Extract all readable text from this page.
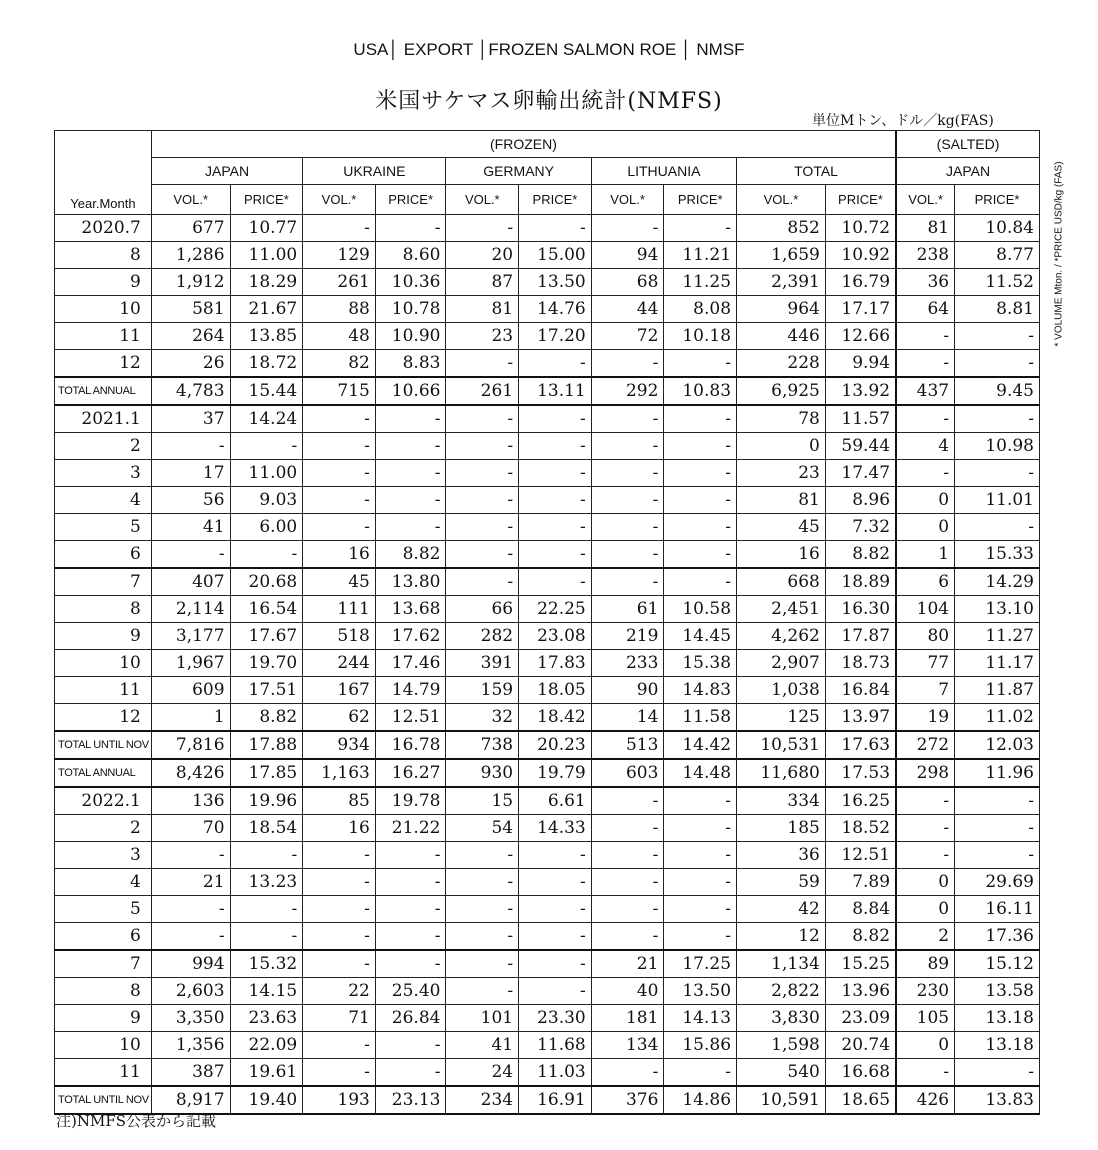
USA│ EXPORT │FROZEN SALMON ROE │ NMSF
米国サケマス卵輸出統計(NMFS)
単位Mトン、ドル／kg(FAS)
* VOLUME Mton. / *PRICE USD/kg (FAS)
	(FROZEN)										(SALTED)	
	JAPAN		UKRAINE		GERMANY		LITHUANIA		TOTAL		JAPAN	
Year.Month	VOL.*	PRICE*	VOL.*	PRICE*	VOL.*	PRICE*	VOL.*	PRICE*	VOL.*	PRICE*	VOL.*	PRICE*
2020.7	677	10.77	-	-	-	-	-	-	852	10.72	81	10.84
8	1,286	11.00	129	8.60	20	15.00	94	11.21	1,659	10.92	238	8.77
9	1,912	18.29	261	10.36	87	13.50	68	11.25	2,391	16.79	36	11.52
10	581	21.67	88	10.78	81	14.76	44	8.08	964	17.17	64	8.81
11	264	13.85	48	10.90	23	17.20	72	10.18	446	12.66	-	-
12	26	18.72	82	8.83	-	-	-	-	228	9.94	-	-
TOTAL ANNUAL	4,783	15.44	715	10.66	261	13.11	292	10.83	6,925	13.92	437	9.45
2021.1	37	14.24	-	-	-	-	-	-	78	11.57	-	-
2	-	-	-	-	-	-	-	-	0	59.44	4	10.98
3	17	11.00	-	-	-	-	-	-	23	17.47	-	-
4	56	9.03	-	-	-	-	-	-	81	8.96	0	11.01
5	41	6.00	-	-	-	-	-	-	45	7.32	0	-
6	-	-	16	8.82	-	-	-	-	16	8.82	1	15.33
7	407	20.68	45	13.80	-	-	-	-	668	18.89	6	14.29
8	2,114	16.54	111	13.68	66	22.25	61	10.58	2,451	16.30	104	13.10
9	3,177	17.67	518	17.62	282	23.08	219	14.45	4,262	17.87	80	11.27
10	1,967	19.70	244	17.46	391	17.83	233	15.38	2,907	18.73	77	11.17
11	609	17.51	167	14.79	159	18.05	90	14.83	1,038	16.84	7	11.87
12	1	8.82	62	12.51	32	18.42	14	11.58	125	13.97	19	11.02
TOTAL UNTIL NOV	7,816	17.88	934	16.78	738	20.23	513	14.42	10,531	17.63	272	12.03
TOTAL ANNUAL	8,426	17.85	1,163	16.27	930	19.79	603	14.48	11,680	17.53	298	11.96
2022.1	136	19.96	85	19.78	15	6.61	-	-	334	16.25	-	-
2	70	18.54	16	21.22	54	14.33	-	-	185	18.52	-	-
3	-	-	-	-	-	-	-	-	36	12.51	-	-
4	21	13.23	-	-	-	-	-	-	59	7.89	0	29.69
5	-	-	-	-	-	-	-	-	42	8.84	0	16.11
6	-	-	-	-	-	-	-	-	12	8.82	2	17.36
7	994	15.32	-	-	-	-	21	17.25	1,134	15.25	89	15.12
8	2,603	14.15	22	25.40	-	-	40	13.50	2,822	13.96	230	13.58
9	3,350	23.63	71	26.84	101	23.30	181	14.13	3,830	23.09	105	13.18
10	1,356	22.09	-	-	41	11.68	134	15.86	1,598	20.74	0	13.18
11	387	19.61	-	-	24	11.03	-	-	540	16.68	-	-
TOTAL UNTIL NOV	8,917	19.40	193	23.13	234	16.91	376	14.86	10,591	18.65	426	13.83
注)NMFS公表から記載
